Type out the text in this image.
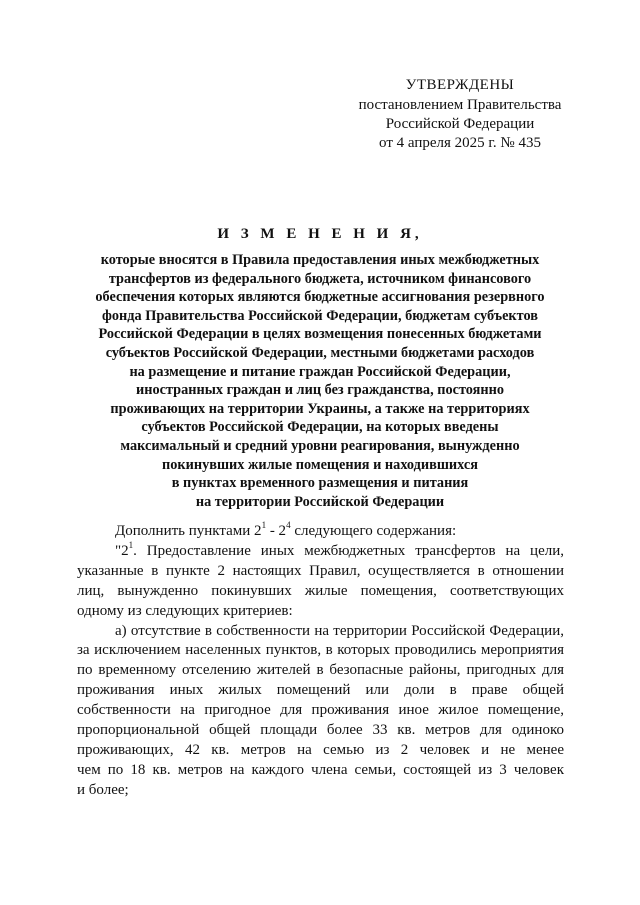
УТВЕРЖДЕНЫ
постановлением Правительства
Российской Федерации
от 4 апреля 2025 г. № 435
И З М Е Н Е Н И Я,
которые вносятся в Правила предоставления иных межбюджетных
трансфертов из федерального бюджета, источником финансового
обеспечения которых являются бюджетные ассигнования резервного
фонда Правительства Российской Федерации, бюджетам субъектов
Российской Федерации в целях возмещения понесенных бюджетами
субъектов Российской Федерации, местными бюджетами расходов
на размещение и питание граждан Российской Федерации,
иностранных граждан и лиц без гражданства, постоянно
проживающих на территории Украины, а также на территориях
субъектов Российской Федерации, на которых введены
максимальный и средний уровни реагирования, вынужденно
покинувших жилые помещения и находившихся
в пунктах временного размещения и питания
на территории Российской Федерации
Дополнить пунктами $2^1 - 2^4$ следующего содержания:
"$2^1$. Предоставление иных межбюджетных трансфертов на цели,
указанные в пункте 2 настоящих Правил, осуществляется в отношении
лиц, вынужденно покинувших жилые помещения, соответствующих
одному из следующих критериев:
а) отсутствие в собственности на территории Российской Федерации,
за исключением населенных пунктов, в которых проводились мероприятия
по временному отселению жителей в безопасные районы, пригодных для
проживания иных жилых помещений или доли в праве общей
собственности на пригодное для проживания иное жилое помещение,
пропорциональной общей площади более 33 кв. метров для одиноко
проживающих, 42 кв. метров на семью из 2 человек и не менее
чем по 18 кв. метров на каждого члена семьи, состоящей из 3 человек
и более;
